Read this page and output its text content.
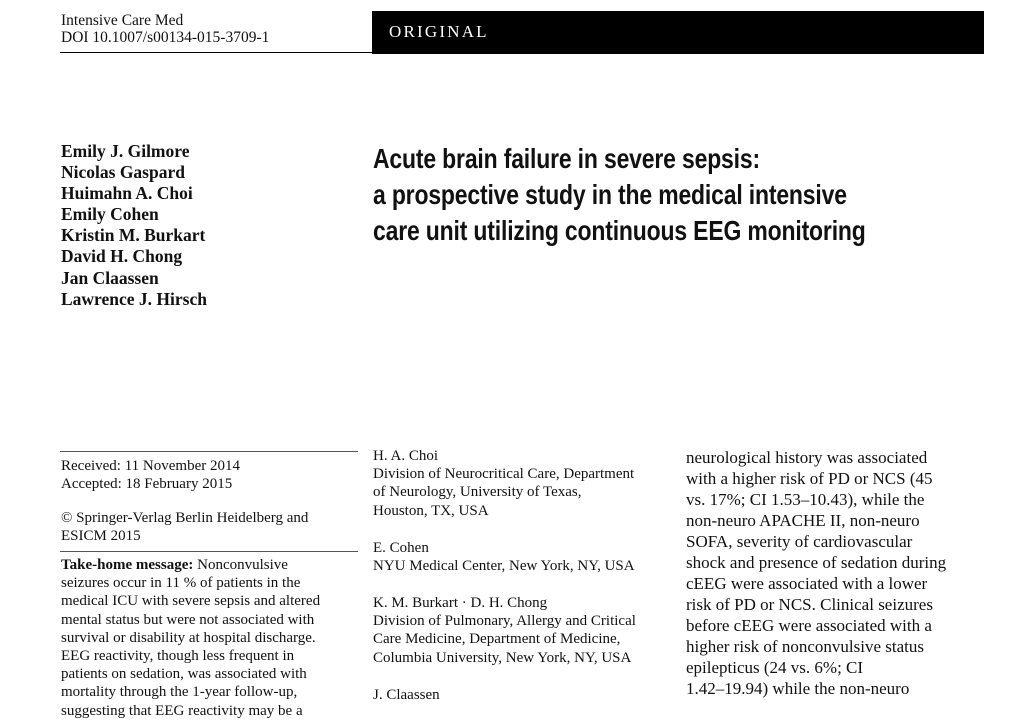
Intensive Care Med
DOI 10.1007/s00134-015-3709-1	ORIGINAL
Emily J. Gilmore
Nicolas Gaspard
Huimahn A. Choi
Emily Cohen
Kristin M. Burkart
David H. Chong
Jan Claassen
Lawrence J. Hirsch
Acute brain failure in severe sepsis:
a prospective study in the medical intensive
care unit utilizing continuous EEG monitoring
Received: 11 November 2014
Accepted: 18 February 2015
© Springer-Verlag Berlin Heidelberg and
ESICM 2015
Take-home message: Nonconvulsive
seizures occur in 11 % of patients in the
medical ICU with severe sepsis and altered
mental status but were not associated with
survival or disability at hospital discharge.
EEG reactivity, though less frequent in
patients on sedation, was associated with
mortality through the 1-year follow-up,
suggesting that EEG reactivity may be a
H. A. Choi
Division of Neurocritical Care, Department
of Neurology, University of Texas,
Houston, TX, USA
E. Cohen
NYU Medical Center, New York, NY, USA
K. M. Burkart · D. H. Chong
Division of Pulmonary, Allergy and Critical
Care Medicine, Department of Medicine,
Columbia University, New York, NY, USA
J. Claassen
neurological history was associated
with a higher risk of PD or NCS (45
vs. 17%; CI 1.53–10.43), while the
non-neuro APACHE II, non-neuro
SOFA, severity of cardiovascular
shock and presence of sedation during
cEEG were associated with a lower
risk of PD or NCS. Clinical seizures
before cEEG were associated with a
higher risk of nonconvulsive status
epilepticus (24 vs. 6%; CI
1.42–19.94) while the non-neuro
